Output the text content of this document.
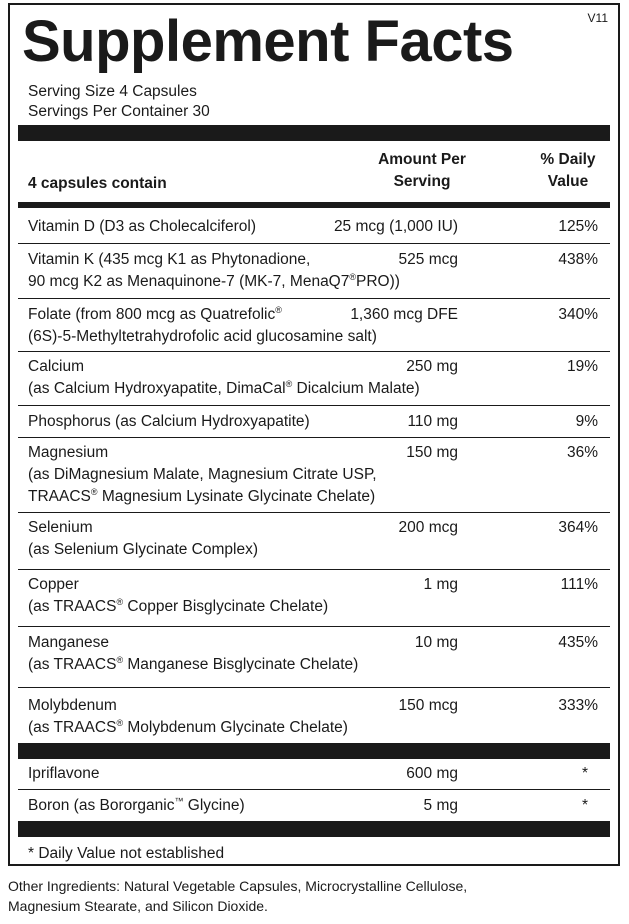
V11
Supplement Facts
Serving Size 4 Capsules
Servings Per Container 30
4 capsules contain
Amount Per
Serving
% Daily
Value
Vitamin D (D3 as Cholecalciferol)	25 mcg (1,000 IU)	125%
Vitamin K (435 mcg K1 as Phytonadione,
90 mcg K2 as Menaquinone-7 (MK-7, MenaQ7®PRO))
525 mcg	438%
Folate (from 800 mcg as Quatrefolic®
(6S)-5-Methyltetrahydrofolic acid glucosamine salt)
1,360 mcg DFE	340%
Calcium
(as Calcium Hydroxyapatite, DimaCal® Dicalcium Malate)
250 mg	19%
Phosphorus (as Calcium Hydroxyapatite)	110 mg	9%
Magnesium
(as DiMagnesium Malate, Magnesium Citrate USP,
TRAACS® Magnesium Lysinate Glycinate Chelate)
150 mg	36%
Selenium
(as Selenium Glycinate Complex)
200 mcg	364%
Copper
(as TRAACS® Copper Bisglycinate Chelate)
1 mg	111%
Manganese
(as TRAACS® Manganese Bisglycinate Chelate)
10 mg	435%
Molybdenum
(as TRAACS® Molybdenum Glycinate Chelate)
150 mcg	333%
Ipriflavone	600 mg	*
Boron (as Bororganic™ Glycine)	5 mg	*
* Daily Value not established
Other Ingredients: Natural Vegetable Capsules, Microcrystalline Cellulose,
Magnesium Stearate, and Silicon Dioxide.
